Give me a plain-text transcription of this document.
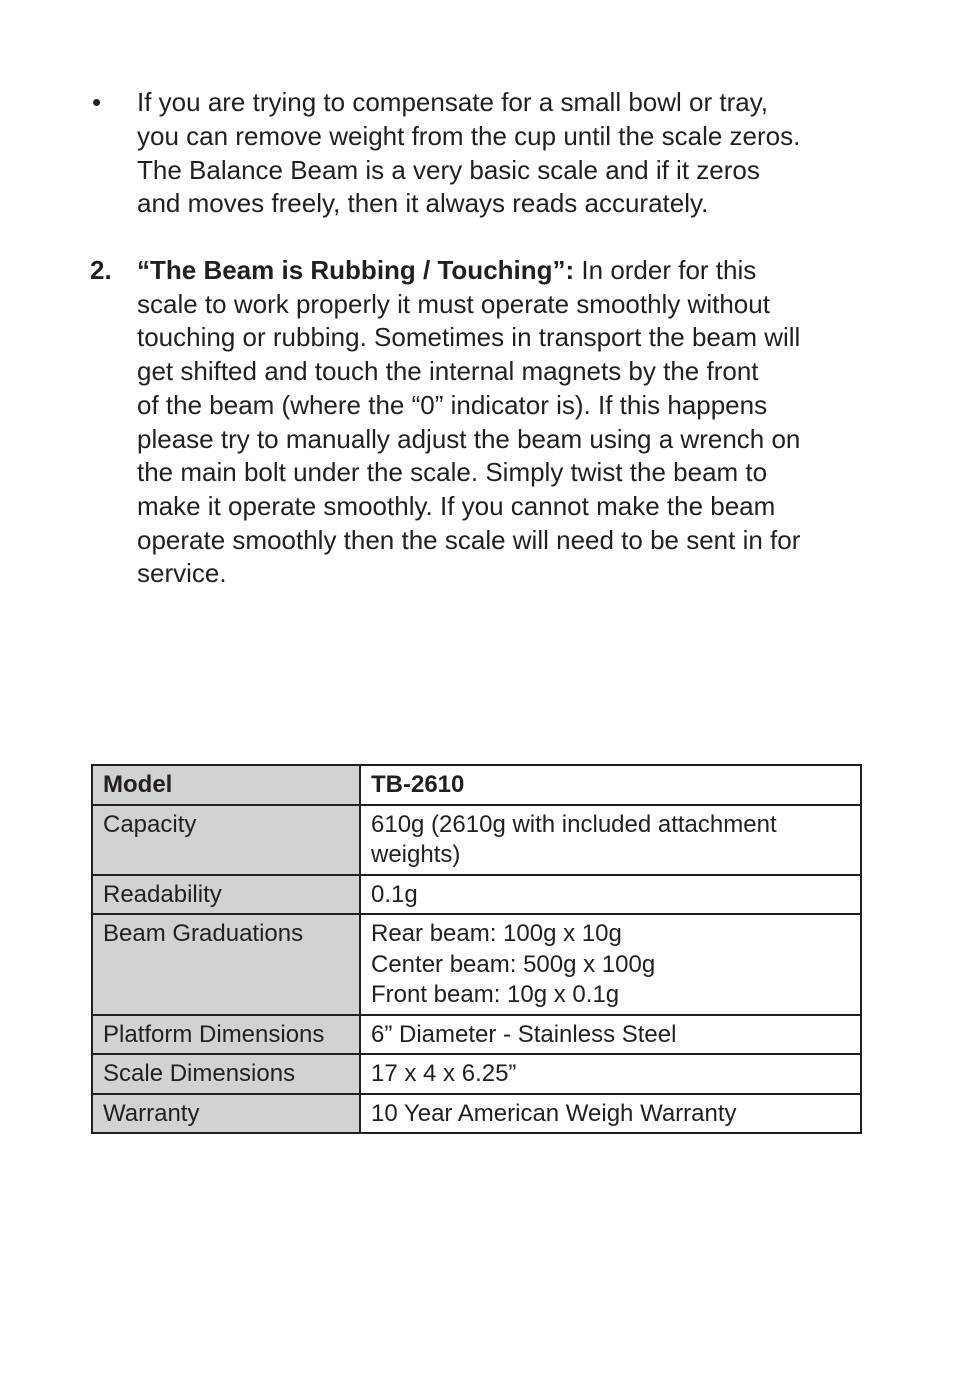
•	If you are trying to compensate for a small bowl or tray,
you can remove weight from the cup until the scale zeros.
The Balance Beam is a very basic scale and if it zeros
and moves freely, then it always reads accurately.
2. “The Beam is Rubbing / Touching”: In order for this
scale to work properly it must operate smoothly without
touching or rubbing. Sometimes in transport the beam will
get shifted and touch the internal magnets by the front
of the beam (where the “0” indicator is). If this happens
please try to manually adjust the beam using a wrench on
the main bolt under the scale. Simply twist the beam to
make it operate smoothly. If you cannot make the beam
operate smoothly then the scale will need to be sent in for
service.
Model	TB-2610
Capacity	610g (2610g with included attachment
weights)
Readability	0.1g
Beam Graduations	Rear beam: 100g x 10g
Center beam: 500g x 100g
Front beam: 10g x 0.1g
Platform Dimensions	6” Diameter - Stainless Steel
Scale Dimensions	17 x 4 x 6.25”
Warranty	10 Year American Weigh Warranty
